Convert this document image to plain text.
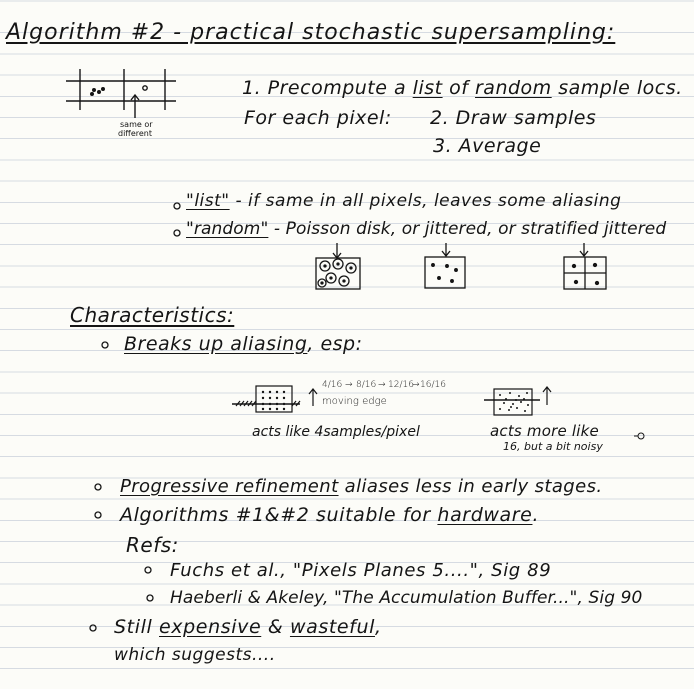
Algorithm #2 - practical stochastic supersampling:
same or
different
1. Precompute a list of random sample locs.
For each pixel: 2. Draw samples
3. Average
"list" - if same in all pixels, leaves some aliasing
"random" - Poisson disk, or jittered, or stratified jittered
Characteristics:
Breaks up aliasing, esp:
4/16 → 8/16 → 12/16
→ 16/16
moving edge
acts like 4samples/pixel	acts more like
16, but a bit noisy
Progressive refinement aliases less in early stages.
Algorithms #1&#2 suitable for hardware.
Refs:
Fuchs et al., "Pixels Planes 5....", Sig 89
Haeberli & Akeley, "The Accumulation Buffer...", Sig 90
Still expensive & wasteful,
which suggests....
